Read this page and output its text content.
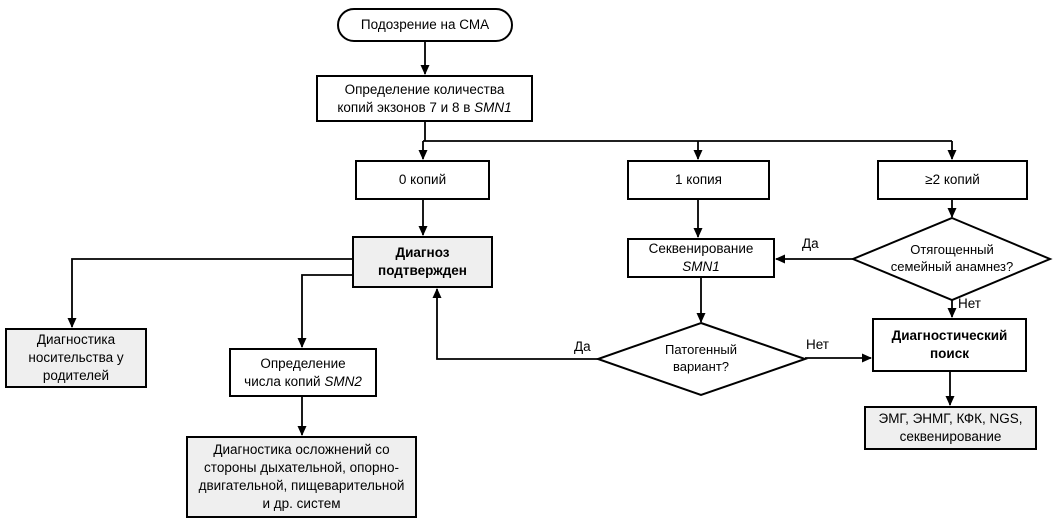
Подозрение на СМА
Определение количества
копий экзонов 7 и 8 в SMN1
0 копий	1 копия	≥2 копий
Диагноз подтвержден
Секвенирование
SMN1
Отягощенный семейный анамнез?
Диагностика носительства у родителей
Определение
числа копий SMN2
Патогенный вариант?
Диагностический поиск
ЭМГ, ЭНМГ, КФК, NGS, секвенирование
Диагностика осложнений со стороны дыхательной, опорно-двигательной, пищеварительной и др. систем
Да
Нет
Да	Нет
